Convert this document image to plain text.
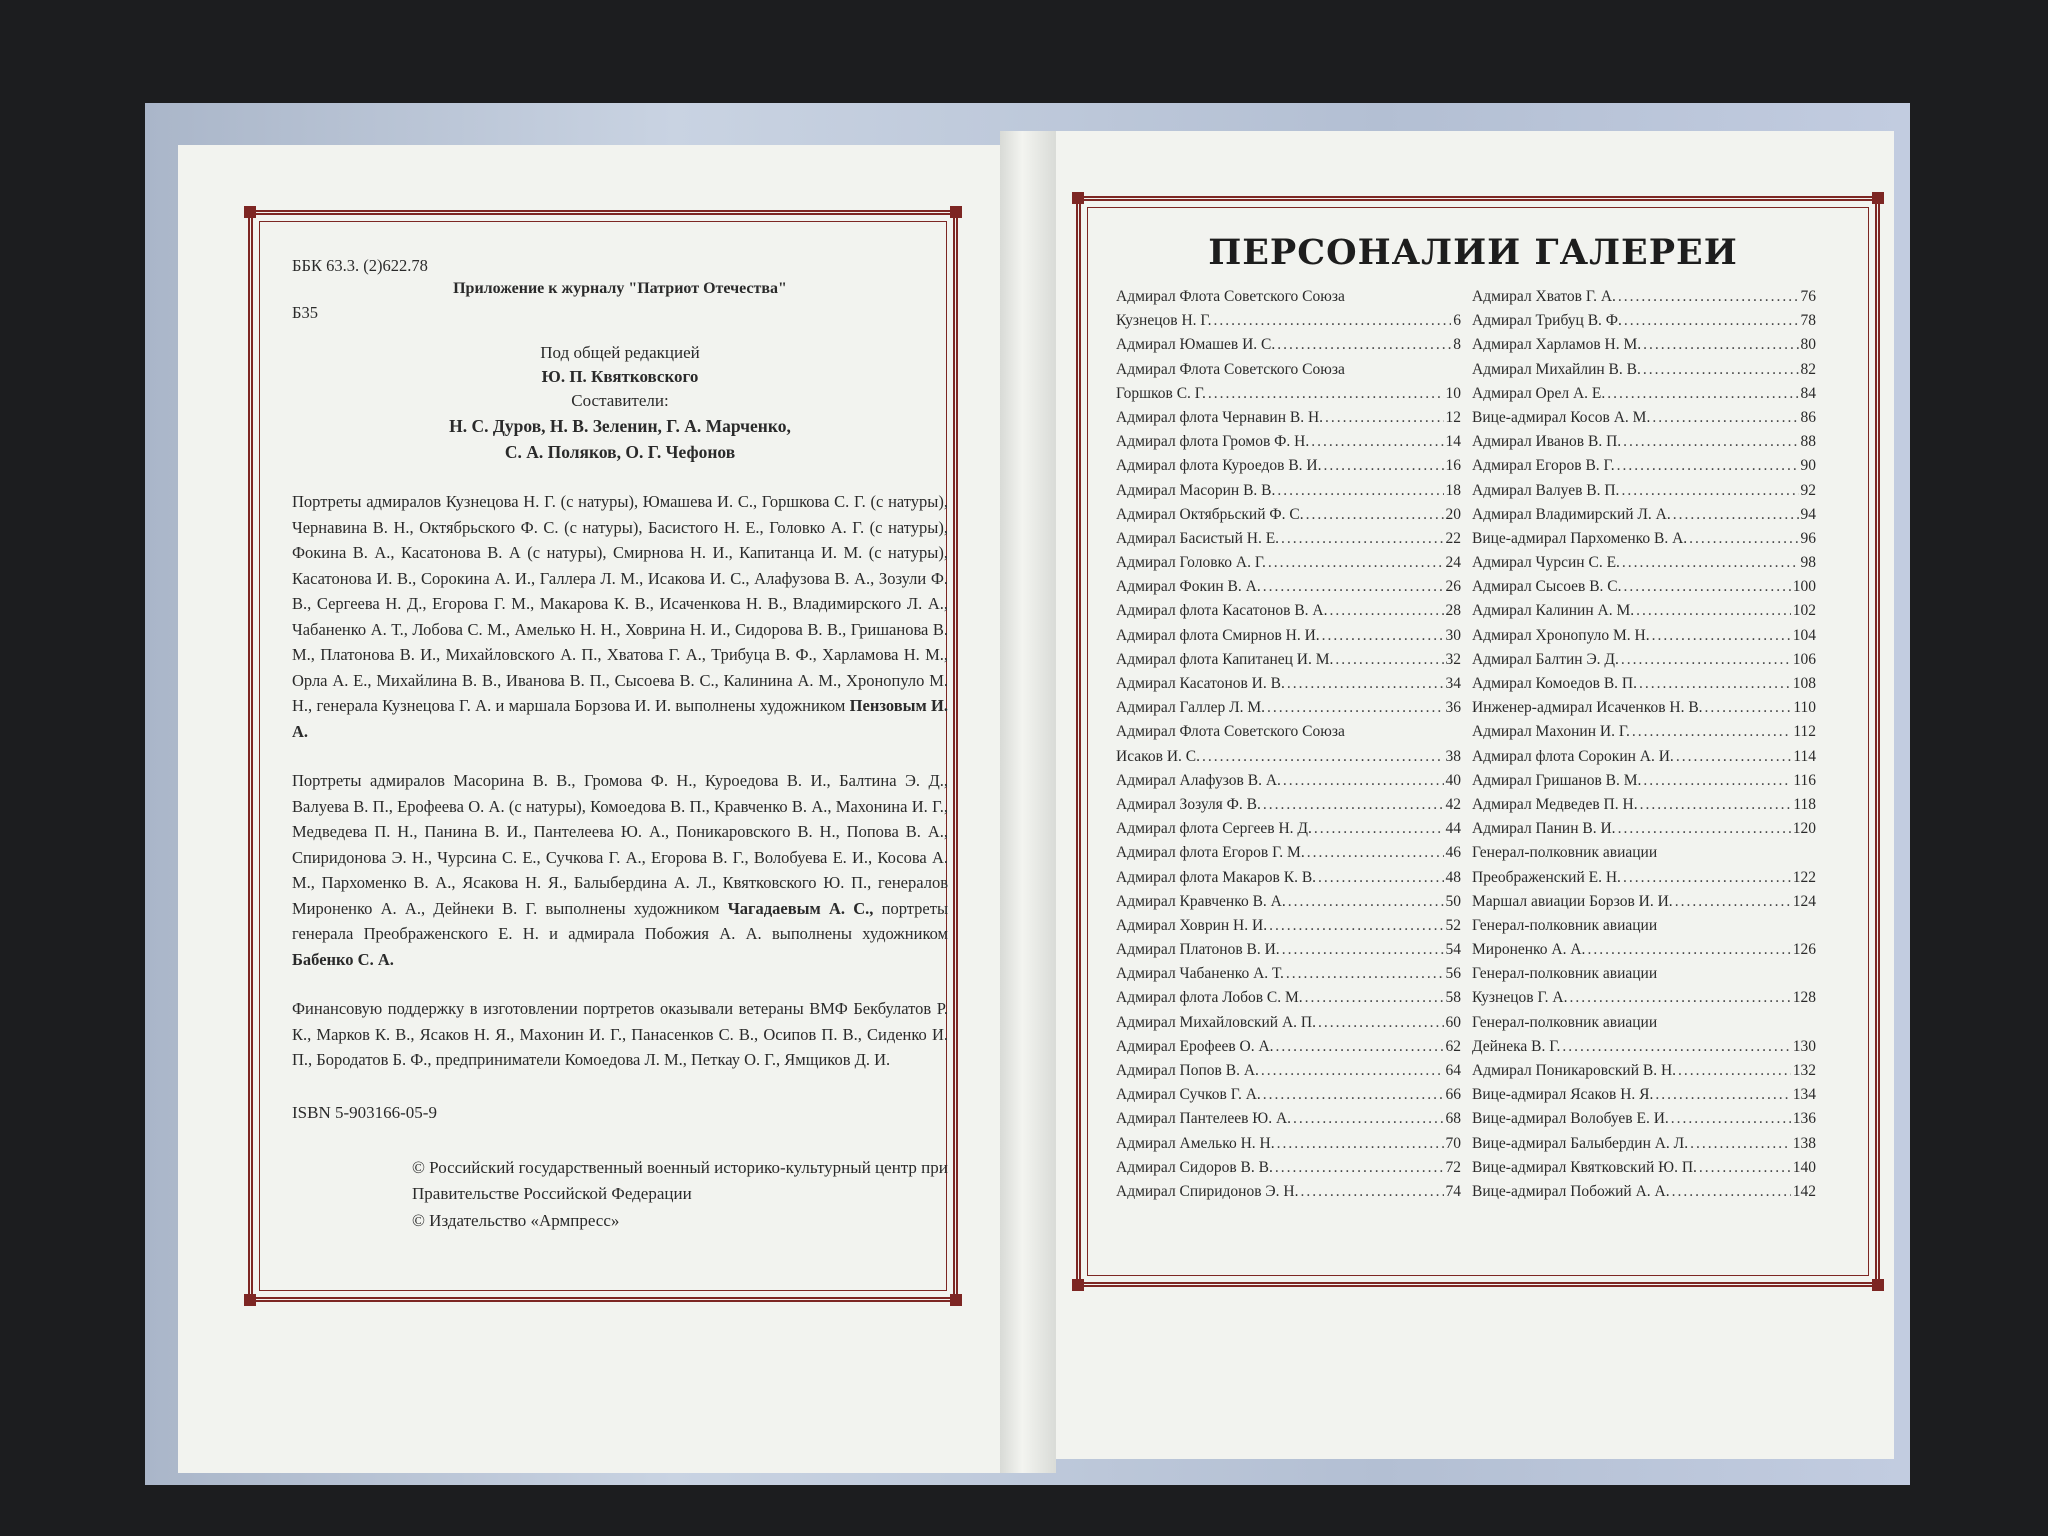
ББК 63.3. (2)622.78
Приложение к журналу "Патриот Отечества"
Б35
Под общей редакцией
Ю. П. Квятковского
Составители:
Н. С. Дуров, Н. В. Зеленин, Г. А. Марченко,
С. А. Поляков, О. Г. Чефонов

Портреты адмиралов Кузнецова Н. Г. (с натуры), Юмашева И. С., Горшкова С. Г. (с натуры), Чернавина В. Н., Октябрьского Ф. С. (с натуры), Басистого Н. Е., Головко А. Г. (с натуры), Фокина В. А., Касатонова В. А (с натуры), Смирнова Н. И., Капитанца И. М. (с натуры), Касатонова И. В., Сорокина А. И., Галлера Л. М., Исакова И. С., Алафузова В. А., Зозули Ф. В., Сергеева Н. Д., Егорова Г. М., Макарова К. В., Исаченкова Н. В., Владимирского Л. А., Чабаненко А. Т., Лобова С. М., Амелько Н. Н., Ховрина Н. И., Сидорова В. В., Гришанова В. М., Платонова В. И., Михайловского А. П., Хватова Г. А., Трибуца В. Ф., Харламова Н. М., Орла А. Е., Михайлина В. В., Иванова В. П., Сысоева В. С., Калинина А. М., Хронопуло М. Н., генерала Кузнецова Г. А. и маршала Борзова И. И. выполнены художником Пензовым И. А.

Портреты адмиралов Масорина В. В., Громова Ф. Н., Куроедова В. И., Балтина Э. Д., Валуева В. П., Ерофеева О. А. (с натуры), Комоедова В. П., Кравченко В. А., Махонина И. Г., Медведева П. Н., Панина В. И., Пантелеева Ю. А., Поникаровского В. Н., Попова В. А., Спиридонова Э. Н., Чурсина С. Е., Сучкова Г. А., Егорова В. Г., Волобуева Е. И., Косова А. М., Пархоменко В. А., Ясакова Н. Я., Балыбердина А. Л., Квятковского Ю. П., генералов Мироненко А. А., Дейнеки В. Г. выполнены художником Чагадаевым А. С., портреты генерала Преображенского Е. Н. и адмирала Побожия А. А. выполнены художником Бабенко С. А.

Финансовую поддержку в изготовлении портретов оказывали ветераны ВМФ Бекбулатов Р. К., Марков К. В., Ясаков Н. Я., Махонин И. Г., Панасенков С. В., Осипов П. В., Сиденко И. П., Бородатов Б. Ф., предприниматели Комоедова Л. М., Петкау О. Г., Ямщиков Д. И.

ISBN 5-903166-05-9
© Российский государственный военный историко-культурный центр при Правительстве Российской Федерации
© Издательство «Армпресс»
ПЕРСОНАЛИИ ГАЛЕРЕИ
Адмирал Флота Советского Союза
Кузнецов Н. Г. .....	6
Адмирал Юмашев И. С. .....	8
Адмирал Флота Советского Союза
Горшков С. Г. .....	10
Адмирал флота Чернавин В. Н. .....	12
Адмирал флота Громов Ф. Н. .....	14
Адмирал флота Куроедов В. И. .....	16
Адмирал Масорин В. В. .....	18
Адмирал Октябрьский Ф. С. .....	20
Адмирал Басистый Н. Е. .....	22
Адмирал Головко А. Г. .....	24
Адмирал Фокин В. А. .....	26
Адмирал флота Касатонов В. А. .....	28
Адмирал флота Смирнов Н. И. .....	30
Адмирал флота Капитанец И. М. .....	32
Адмирал Касатонов И. В. .....	34
Адмирал Галлер Л. М. .....	36
Адмирал Флота Советского Союза
Исаков И. С. .....	38
Адмирал Алафузов В. А. .....	40
Адмирал Зозуля Ф. В. .....	42
Адмирал флота Сергеев Н. Д. .....	44
Адмирал флота Егоров Г. М. .....	46
Адмирал флота Макаров К. В. .....	48
Адмирал Кравченко В. А. .....	50
Адмирал Ховрин Н. И. .....	52
Адмирал Платонов В. И. .....	54
Адмирал Чабаненко А. Т. .....	56
Адмирал флота Лобов С. М. .....	58
Адмирал Михайловский А. П. .....	60
Адмирал Ерофеев О. А. .....	62
Адмирал Попов В. А. .....	64
Адмирал Сучков Г. А. .....	66
Адмирал Пантелеев Ю. А. .....	68
Адмирал Амелько Н. Н. .....	70
Адмирал Сидоров В. В. .....	72
Адмирал Спиридонов Э. Н. .....	74
Адмирал Хватов Г. А. .....	76
Адмирал Трибуц В. Ф. .....	78
Адмирал Харламов Н. М. .....	80
Адмирал Михайлин В. В. .....	82
Адмирал Орел А. Е. .....	84
Вице-адмирал Косов А. М. .....	86
Адмирал Иванов В. П. .....	88
Адмирал Егоров В. Г. .....	90
Адмирал Валуев В. П. .....	92
Адмирал Владимирский Л. А. .....	94
Вице-адмирал Пархоменко В. А. .....	96
Адмирал Чурсин С. Е. .....	98
Адмирал Сысоев В. С. .....	100
Адмирал Калинин А. М. .....	102
Адмирал Хронопуло М. Н. .....	104
Адмирал Балтин Э. Д. .....	106
Адмирал Комоедов В. П. .....	108
Инженер-адмирал Исаченков Н. В. .....	110
Адмирал Махонин И. Г. .....	112
Адмирал флота Сорокин А. И. .....	114
Адмирал Гришанов В. М. .....	116
Адмирал Медведев П. Н. .....	118
Адмирал Панин В. И. .....	120
Генерал-полковник авиации
Преображенский Е. Н. .....	122
Маршал авиации Борзов И. И. .....	124
Генерал-полковник авиации
Мироненко А. А. .....	126
Генерал-полковник авиации
Кузнецов Г. А. .....	128
Генерал-полковник авиации
Дейнека В. Г. .....	130
Адмирал Поникаровский В. Н. .....	132
Вице-адмирал Ясаков Н. Я. .....	134
Вице-адмирал Волобуев Е. И. .....	136
Вице-адмирал Балыбердин А. Л. .....	138
Вице-адмирал Квятковский Ю. П. .....	140
Вице-адмирал Побожий А. А. .....	142
